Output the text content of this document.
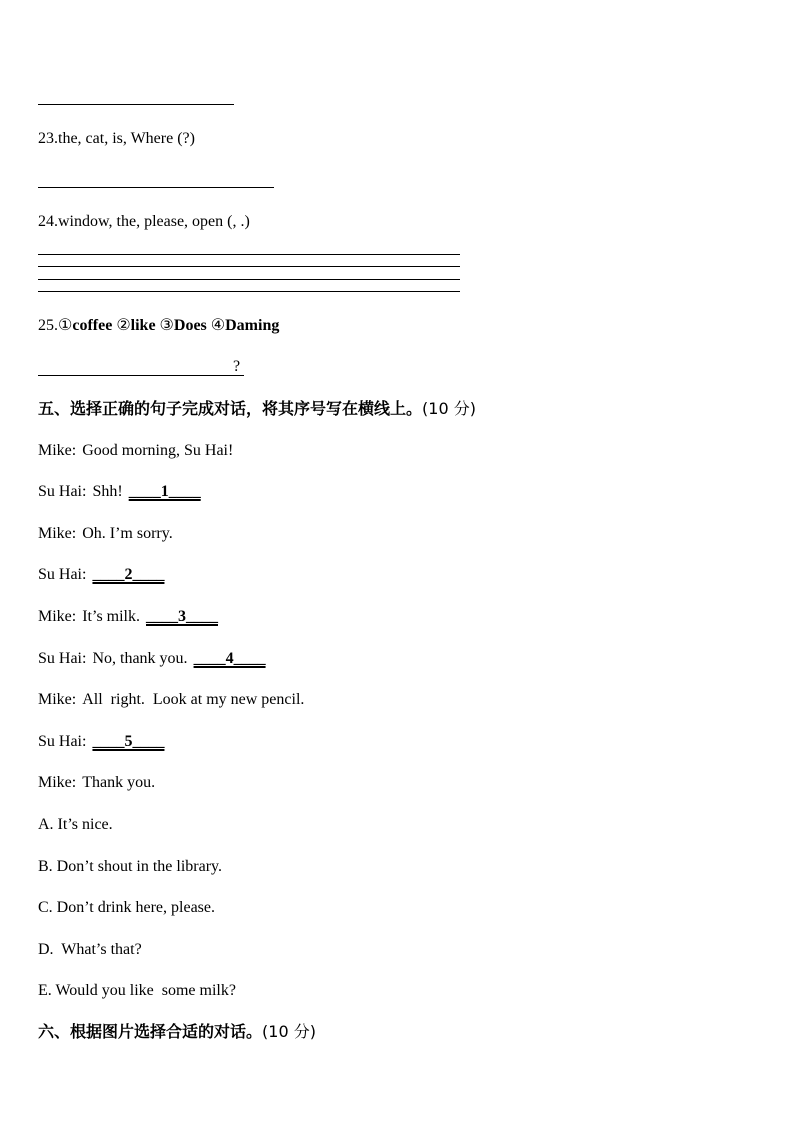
23.the, cat, is, Where (?)
24.window, the, please, open (, .)
25.①coffee ②like ③Does ④Daming
?
五、选择正确的句子完成对话，将其序号写在横线上。(10 分)
Mike: Good morning, Su Hai!
Su Hai: Shh! ____1____
Mike: Oh. I’m sorry.
Su Hai: ____2____
Mike: It’s milk. ____3____
Su Hai: No, thank you. ____4____
Mike: All  right.  Look at my new pencil.
Su Hai: ____5____
Mike: Thank you.
A. It’s nice.
B. Don’t shout in the library.
C. Don’t drink here, please.
D.  What’s that?
E. Would you like  some milk?
六、根据图片选择合适的对话。(10 分)
